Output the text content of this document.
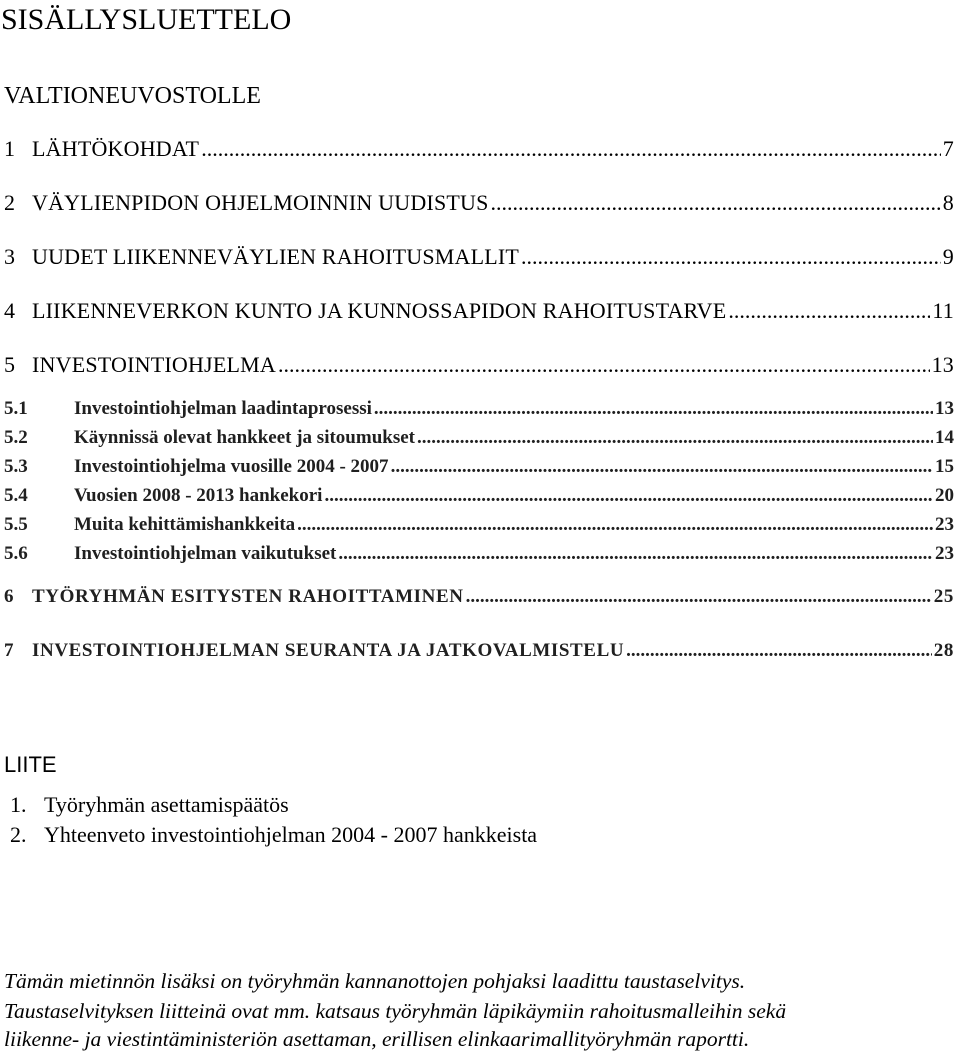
SISÄLLYSLUETTELO
VALTIONEUVOSTOLLE
1 LÄHTÖKOHDAT .....	7
2 VÄYLIENPIDON OHJELMOINNIN UUDISTUS .....	8
3 UUDET LIIKENNEVÄYLIEN RAHOITUSMALLIT .....	9
4 LIIKENNEVERKON KUNTO JA KUNNOSSAPIDON RAHOITUSTARVE .....	11
5 INVESTOINTIOHJELMA .....	13
5.1	Investointiohjelman laadintaprosessi .....	13
5.2	Käynnissä olevat hankkeet ja sitoumukset .....	14
5.3	Investointiohjelma vuosille 2004 - 2007 .....	15
5.4	Vuosien 2008 - 2013 hankekori .....	20
5.5	Muita kehittämishankkeita .....	23
5.6	Investointiohjelman vaikutukset .....	23
6 TYÖRYHMÄN ESITYSTEN RAHOITTAMINEN .....	25
7 INVESTOINTIOHJELMAN SEURANTA JA JATKOVALMISTELU .....	28
LIITE
1. Työryhmän asettamispäätös
2. Yhteenveto investointiohjelman 2004 - 2007 hankkeista
Tämän mietinnön lisäksi on työryhmän kannanottojen pohjaksi laadittu taustaselvitys.
Taustaselvityksen liitteinä ovat mm. katsaus työryhmän läpikäymiin rahoitusmalleihin sekä
liikenne- ja viestintäministeriön asettaman, erillisen elinkaarimallityöryhmän raportti.
